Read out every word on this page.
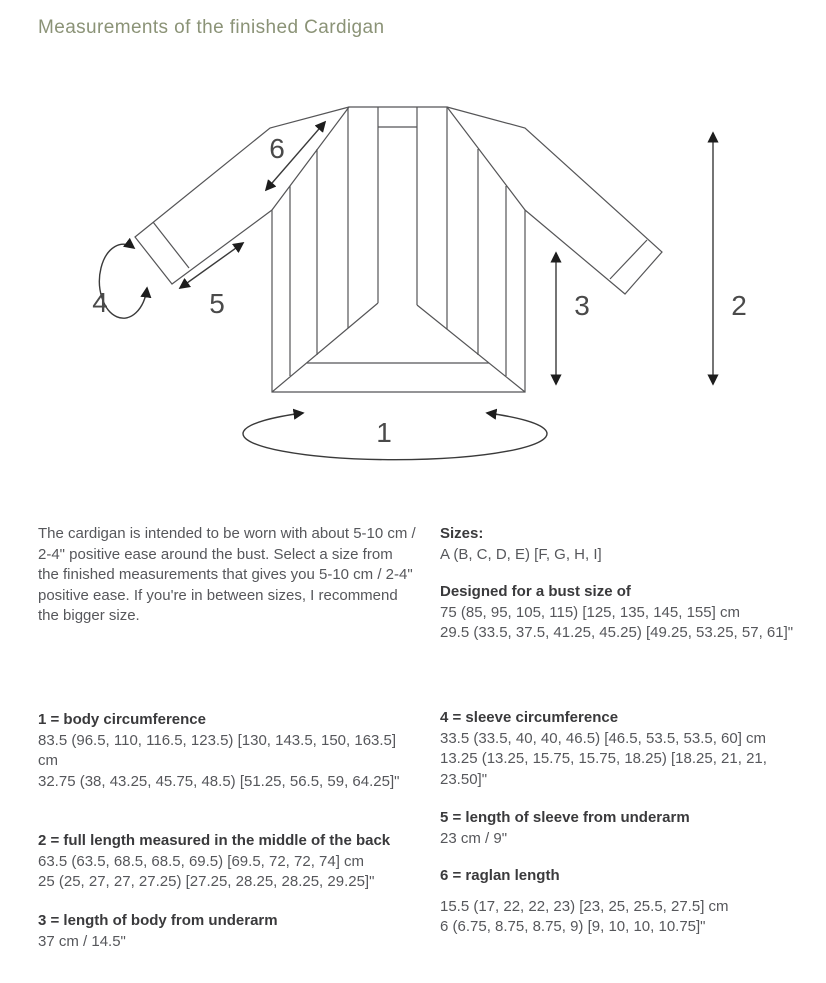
Measurements of the finished Cardigan
1
2
3
4	5
6
The cardigan is intended to be worn with about 5-10 cm / 2-4" positive ease around the bust. Select a size from the finished measurements that gives you 5-10 cm / 2-4" positive ease. If you're in between sizes, I recommend the bigger size.
1 = body circumference
83.5 (96.5, 110, 116.5, 123.5) [130, 143.5, 150, 163.5] cm
32.75 (38, 43.25, 45.75, 48.5) [51.25, 56.5, 59, 64.25]"
2 = full length measured in the middle of the back
63.5 (63.5, 68.5, 68.5, 69.5) [69.5, 72, 72, 74] cm
25 (25, 27, 27, 27.25) [27.25, 28.25, 28.25, 29.25]"
3 = length of body from underarm
37 cm / 14.5"
Sizes:
A (B, C, D, E) [F, G, H, I]
Designed for a bust size of
75 (85, 95, 105, 115) [125, 135, 145, 155] cm
29.5 (33.5, 37.5, 41.25, 45.25) [49.25, 53.25, 57, 61]"
4 = sleeve circumference
33.5 (33.5, 40, 40, 46.5) [46.5, 53.5, 53.5, 60] cm
13.25 (13.25, 15.75, 15.75, 18.25) [18.25, 21, 21, 23.50]"
5 = length of sleeve from underarm
23 cm / 9"
6 = raglan length
15.5 (17, 22, 22, 23) [23, 25, 25.5, 27.5] cm
6 (6.75, 8.75, 8.75, 9) [9, 10, 10, 10.75]"
